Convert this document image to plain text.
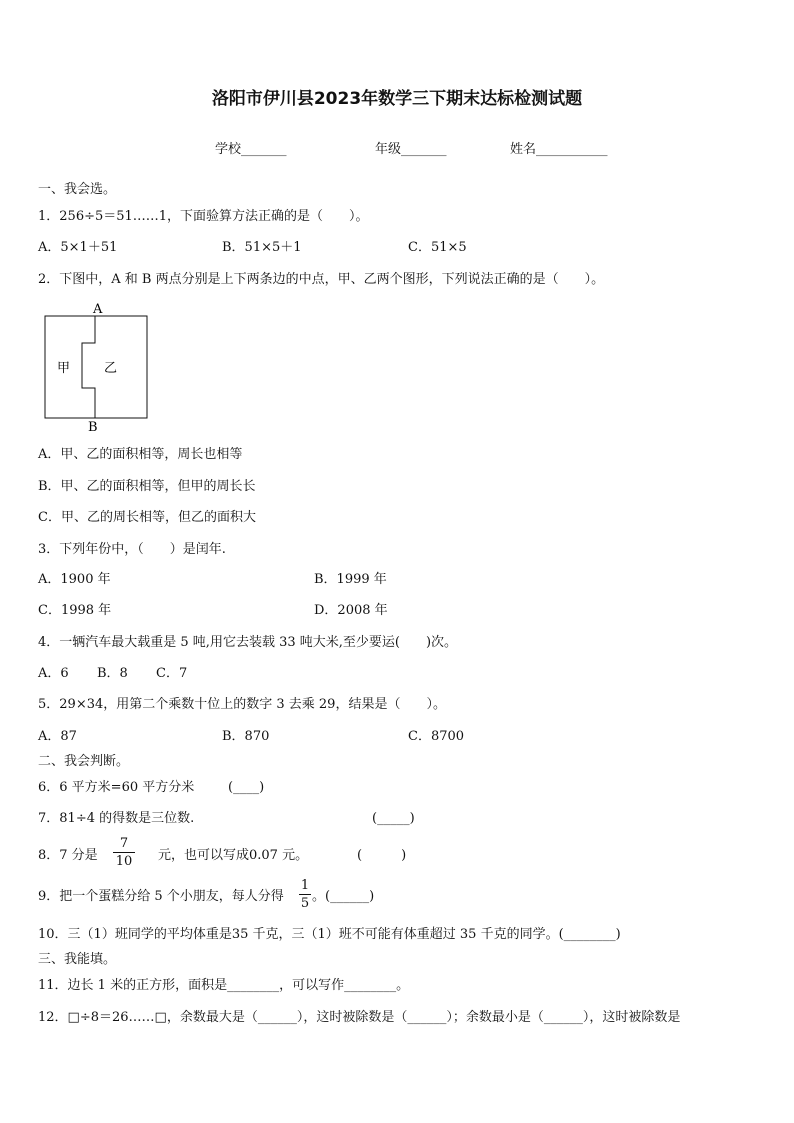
洛阳市伊川县2023年数学三下期末达标检测试题
学校_______	年级_______	姓名___________
一、我会选。
1．256÷5＝51……1，下面验算方法正确的是（　　）。
A．5×1＋51	B．51×5＋1	C．51×5
2．下图中，A 和 B 两点分别是上下两条边的中点，甲、乙两个图形，下列说法正确的是（　　）。
A
B
甲	乙
A．甲、乙的面积相等，周长也相等
B．甲、乙的面积相等，但甲的周长长
C．甲、乙的周长相等，但乙的面积大
3．下列年份中，（　　）是闰年.
A．1900 年	B．1999 年
C．1998 年	D．2008 年
4．一辆汽车最大载重是 5 吨,用它去装载 33 吨大米,至少要运(　　)次。
A．6 B．8 C．7
5．29×34，用第二个乘数十位上的数字 3 去乘 29，结果是（　　）。
A．87	B．870	C．8700
二、我会判断。
6．6 平方米=60 平方分米	(____)
7．81÷4 的得数是三位数.	(_____)
8．7 分是
7
10 元，也可以写成0.07 元。	(　　　)
9．把一个蛋糕分给 5 个小朋友，每人分得
1
5 。(______)
10．三（1）班同学的平均体重是35 千克，三（1）班不可能有体重超过 35 千克的同学。(________)
三、我能填。
11．边长 1 米的正方形，面积是________，可以写作________。
12．□÷8＝26……□，余数最大是（______），这时被除数是（______）；余数最小是（______），这时被除数是
